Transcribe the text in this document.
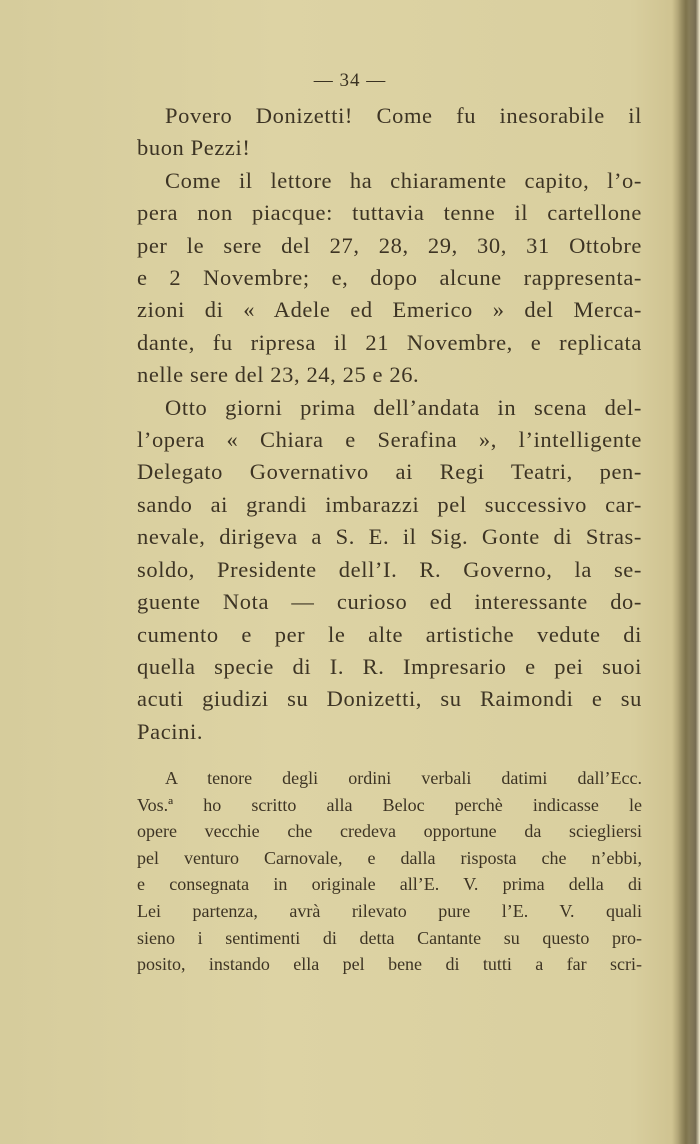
— 34 —
Povero Donizetti! Come fu inesorabile il
buon Pezzi!
Come il lettore ha chiaramente capito, l’o-
pera non piacque: tuttavia tenne il cartellone
per le sere del 27, 28, 29, 30, 31 Ottobre
e 2 Novembre; e, dopo alcune rappresenta-
zioni di « Adele ed Emerico » del Merca-
dante, fu ripresa il 21 Novembre, e replicata
nelle sere del 23, 24, 25 e 26.
Otto giorni prima dell’andata in scena del-
l’opera « Chiara e Serafina », l’intelligente
Delegato Governativo ai Regi Teatri, pen-
sando ai grandi imbarazzi pel successivo car-
nevale, dirigeva a S. E. il Sig. Gonte di Stras-
soldo, Presidente dell’I. R. Governo, la se-
guente Nota — curioso ed interessante do-
cumento e per le alte artistiche vedute di
quella specie di I. R. Impresario e pei suoi
acuti giudizi su Donizetti, su Raimondi e su
Pacini.
A tenore degli ordini verbali datimi dall’Ecc.
Vos.ª ho scritto alla Beloc perchè indicasse le
opere vecchie che credeva opportune da sciegliersi
pel venturo Carnovale, e dalla risposta che n’ebbi,
e consegnata in originale all’E. V. prima della di
Lei partenza, avrà rilevato pure l’E. V. quali
sieno i sentimenti di detta Cantante su questo pro-
posito, instando ella pel bene di tutti a far scri-
